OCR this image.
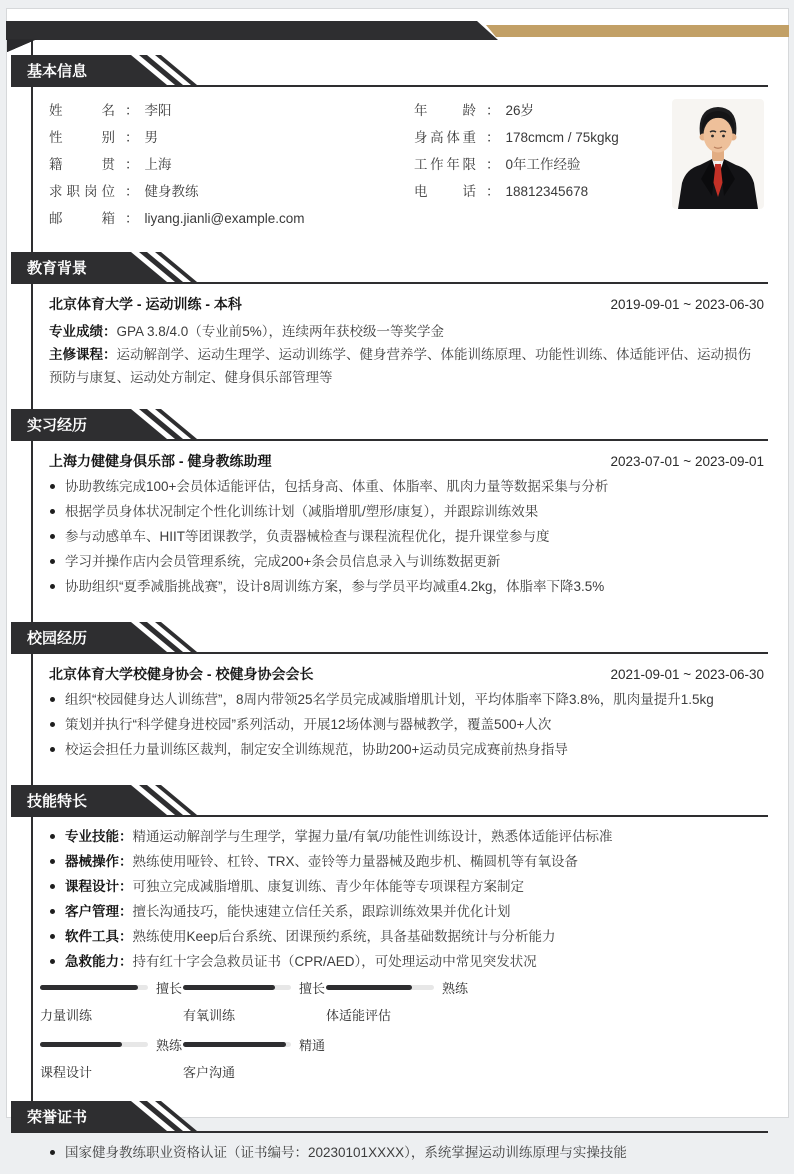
基本信息
姓名 ： 李阳
性别 ： 男
籍贯 ： 上海
求职岗位 ： 健身教练
邮箱 ： liyang.jianli@example.com
年龄 ： 26岁
身高体重 ： 178cmcm / 75kgkg
工作年限 ： 0年工作经验
电话 ： 18812345678
教育背景
北京体育大学 - 运动训练 - 本科	2019-09-01 ~ 2023-06-30
专业成绩：GPA 3.8/4.0（专业前5%），连续两年获校级一等奖学金
主修课程：运动解剖学、运动生理学、运动训练学、健身营养学、体能训练原理、功能性训练、体适能评估、运动损伤预防与康复、运动处方制定、健身俱乐部管理等
实习经历
上海力健健身俱乐部 - 健身教练助理	2023-07-01 ~ 2023-09-01
协助教练完成100+会员体适能评估，包括身高、体重、体脂率、肌肉力量等数据采集与分析
根据学员身体状况制定个性化训练计划（减脂增肌/塑形/康复），并跟踪训练效果
参与动感单车、HIIT等团课教学，负责器械检查与课程流程优化，提升课堂参与度
学习并操作店内会员管理系统，完成200+条会员信息录入与训练数据更新
协助组织“夏季减脂挑战赛”，设计8周训练方案，参与学员平均减重4.2kg，体脂率下降3.5%
校园经历
北京体育大学校健身协会 - 校健身协会会长	2021-09-01 ~ 2023-06-30
组织“校园健身达人训练营”，8周内带领25名学员完成减脂增肌计划，平均体脂率下降3.8%，肌肉量提升1.5kg
策划并执行“科学健身进校园”系列活动，开展12场体测与器械教学，覆盖500+人次
校运会担任力量训练区裁判，制定安全训练规范，协助200+运动员完成赛前热身指导
技能特长
专业技能：精通运动解剖学与生理学，掌握力量/有氧/功能性训练设计，熟悉体适能评估标准
器械操作：熟练使用哑铃、杠铃、TRX、壶铃等力量器械及跑步机、椭圆机等有氧设备
课程设计：可独立完成减脂增肌、康复训练、青少年体能等专项课程方案制定
客户管理：擅长沟通技巧，能快速建立信任关系，跟踪训练效果并优化计划
软件工具：熟练使用Keep后台系统、团课预约系统，具备基础数据统计与分析能力
急救能力：持有红十字会急救员证书（CPR/AED），可处理运动中常见突发状况
擅长
力量训练
擅长
有氧训练
熟练
体适能评估
熟练
课程设计
精通
客户沟通
荣誉证书
国家健身教练职业资格认证（证书编号：20230101XXXX），系统掌握运动训练原理与实操技能
